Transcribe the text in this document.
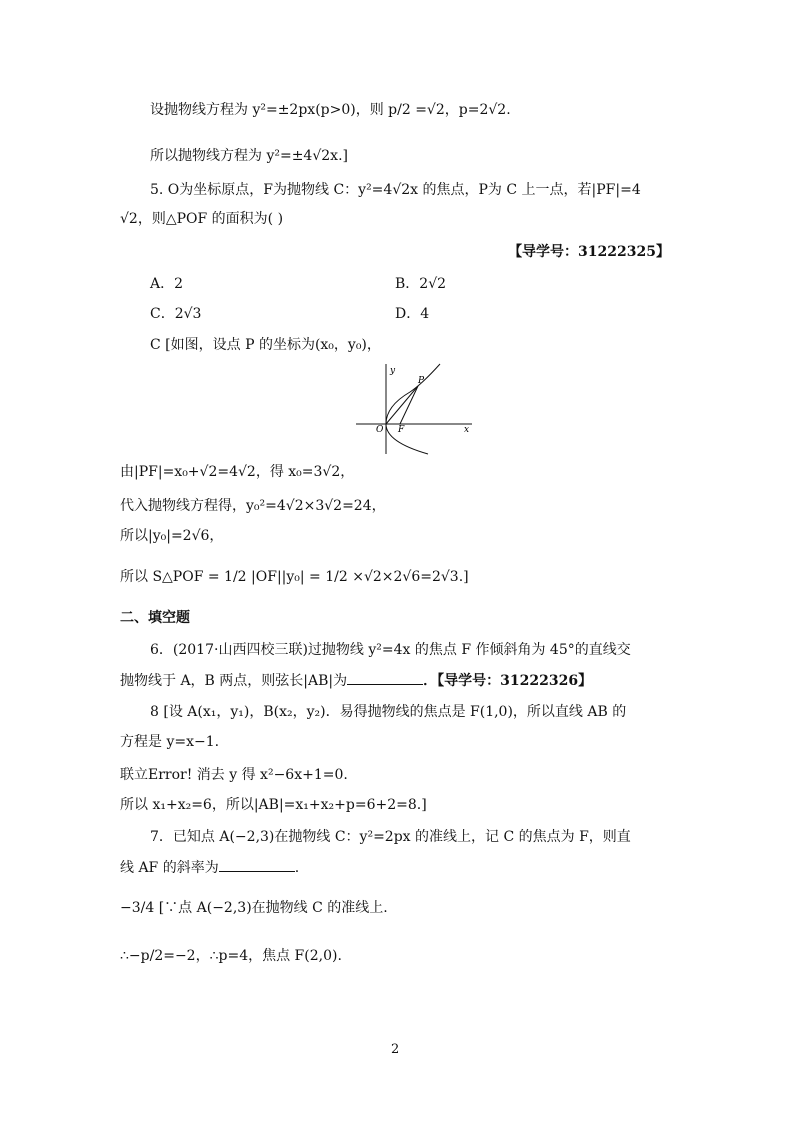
设抛物线方程为 y²=±2px(p>0)，则 p/2 =√2，p=2√2.
所以抛物线方程为 y²=±4√2x.]
5. O为坐标原点，F为抛物线 C：y²=4√2x 的焦点，P为 C 上一点，若|PF|=4
√2，则△POF 的面积为( )
【导学号：31222325】
A．2	B．2√2
C．2√3	D．4
C [如图，设点 P 的坐标为(x₀，y₀)，
y
x
P
O F
由|PF|=x₀+√2=4√2，得 x₀=3√2，
代入抛物线方程得，y₀²=4√2×3√2=24，
所以|y₀|=2√6，
所以 S△POF = 1/2 |OF||y₀| = 1/2 ×√2×2√6=2√3.]
二、填空题
6．(2017·山西四校三联)过抛物线 y²=4x 的焦点 F 作倾斜角为 45°的直线交
抛物线于 A，B 两点，则弦长|AB|为	．【导学号：31222326】
8 [设 A(x₁，y₁)，B(x₂，y₂)．易得抛物线的焦点是 F(1,0)，所以直线 AB 的
方程是 y=x−1.
联立Error! 消去 y 得 x²−6x+1=0.
所以 x₁+x₂=6，所以|AB|=x₁+x₂+p=6+2=8.]
7．已知点 A(−2,3)在抛物线 C：y²=2px 的准线上，记 C 的焦点为 F，则直
线 AF 的斜率为	.
−3/4 [∵点 A(−2,3)在抛物线 C 的准线上.
∴−p/2=−2，∴p=4，焦点 F(2,0).
2
